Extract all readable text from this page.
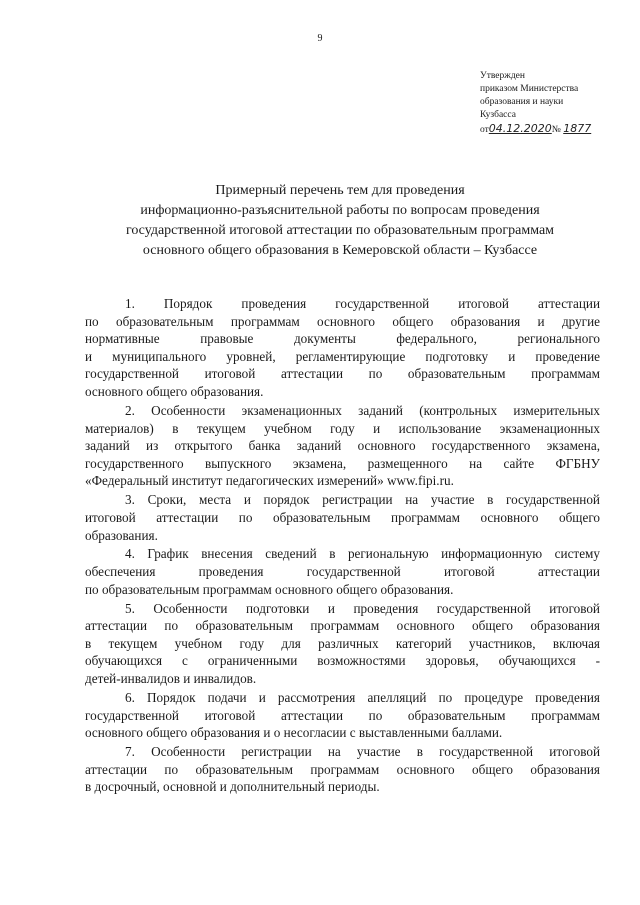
9
Утвержден
приказом Министерства
образования и науки
Кузбасса
от04.12.2020№ 1877
Примерный перечень тем для проведения
информационно-разъяснительной работы по вопросам проведения
государственной итоговой аттестации по образовательным программам
основного общего образования в Кемеровской области – Кузбассе
1. Порядок проведения государственной итоговой аттестации
по образовательным программам основного общего образования и другие
нормативные правовые документы федерального, регионального
и муниципального уровней, регламентирующие подготовку и проведение
государственной итоговой аттестации по образовательным программам
основного общего образования.
2. Особенности экзаменационных заданий (контрольных измерительных
материалов) в текущем учебном году и использование экзаменационных
заданий из открытого банка заданий основного государственного экзамена,
государственного выпускного экзамена, размещенного на сайте ФГБНУ
«Федеральный институт педагогических измерений» www.fipi.ru.
3. Сроки, места и порядок регистрации на участие в государственной
итоговой аттестации по образовательным программам основного общего
образования.
4. График внесения сведений в региональную информационную систему
обеспечения проведения государственной итоговой аттестации
по образовательным программам основного общего образования.
5. Особенности подготовки и проведения государственной итоговой
аттестации по образовательным программам основного общего образования
в текущем учебном году для различных категорий участников, включая
обучающихся с ограниченными возможностями здоровья, обучающихся -
детей-инвалидов и инвалидов.
6. Порядок подачи и рассмотрения апелляций по процедуре проведения
государственной итоговой аттестации по образовательным программам
основного общего образования и о несогласии с выставленными баллами.
7. Особенности регистрации на участие в государственной итоговой
аттестации по образовательным программам основного общего образования
в досрочный, основной и дополнительный периоды.
